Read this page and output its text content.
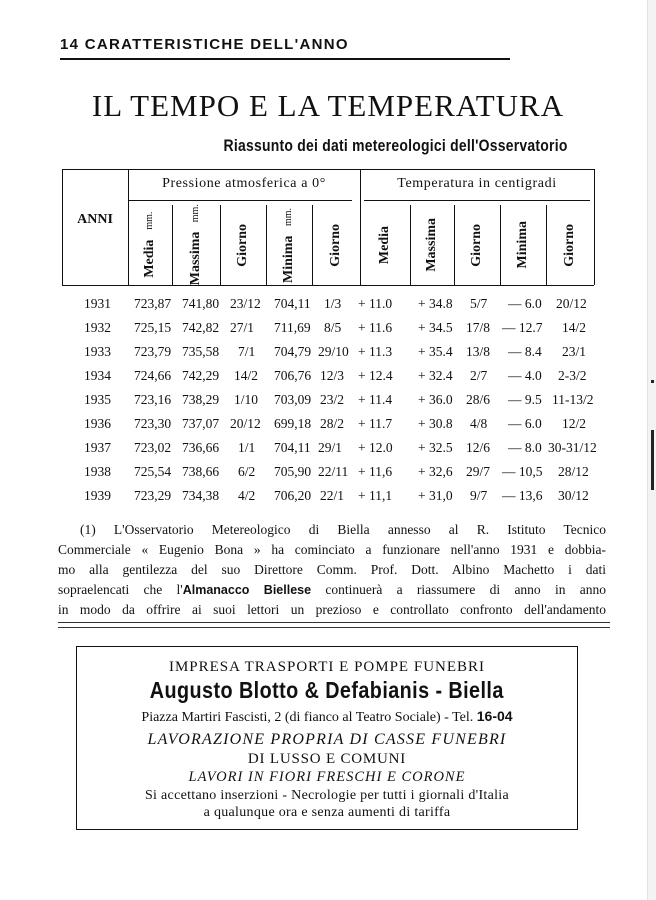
14 CARATTERISTICHE DELL'ANNO
IL TEMPO E LA TEMPERATURA
Riassunto dei dati metereologici dell'Osservatorio
Pressione atmosferica a 0°	Temperatura in centigradi
ANNI
Media mm.
Massima mm.
Giorno Minima mm.
Giorno Media Massima Giorno Minima Giorno
1931 723,87 741,80 23/12 704,11 1/3 + 11.0 + 34.8 5/7 — 6.0 20/12
1932 725,15 742,82 27/1 711,69 8/5 + 11.6 + 34.5 17/8 — 12.7 14/2
1933 723,79 735,58 7/1 704,79 29/10 + 11.3 + 35.4 13/8 — 8.4 23/1
1934 724,66 742,29 14/2 706,76 12/3 + 12.4 + 32.4 2/7 — 4.0 2-3/2
1935 723,16 738,29 1/10 703,09 23/2 + 11.4 + 36.0 28/6 — 9.5 11-13/2
1936 723,30 737,07 20/12 699,18 28/2 + 11.7 + 30.8 4/8 — 6.0 12/2
1937 723,02 736,66 1/1 704,11 29/1 + 12.0 + 32.5 12/6 — 8.0 30-31/12
1938 725,54 738,66 6/2 705,90 22/11 + 11,6 + 32,6 29/7 — 10,5 28/12
1939 723,29 734,38 4/2 706,20 22/1 + 11,1 + 31,0 9/7 — 13,6 30/12
(1) L'Osservatorio Metereologico di Biella annesso al R. Istituto Tecnico
Commerciale « Eugenio Bona » ha cominciato a funzionare nell'anno 1931 e dobbia-
mo alla gentilezza del suo Direttore Comm. Prof. Dott. Albino Machetto i dati
sopraelencati che l'Almanacco Biellese continuerà a riassumere di anno in anno
in modo da offrire ai suoi lettori un prezioso e controllato confronto dell'andamento
IMPRESA TRASPORTI E POMPE FUNEBRI
Augusto Blotto & Defabianis - Biella
Piazza Martiri Fascisti, 2 (di fianco al Teatro Sociale) - Tel. 16-04
LAVORAZIONE PROPRIA DI CASSE FUNEBRI
DI LUSSO E COMUNI
LAVORI IN FIORI FRESCHI E CORONE
Si accettano inserzioni - Necrologie per tutti i giornali d'Italia
a qualunque ora e senza aumenti di tariffa
